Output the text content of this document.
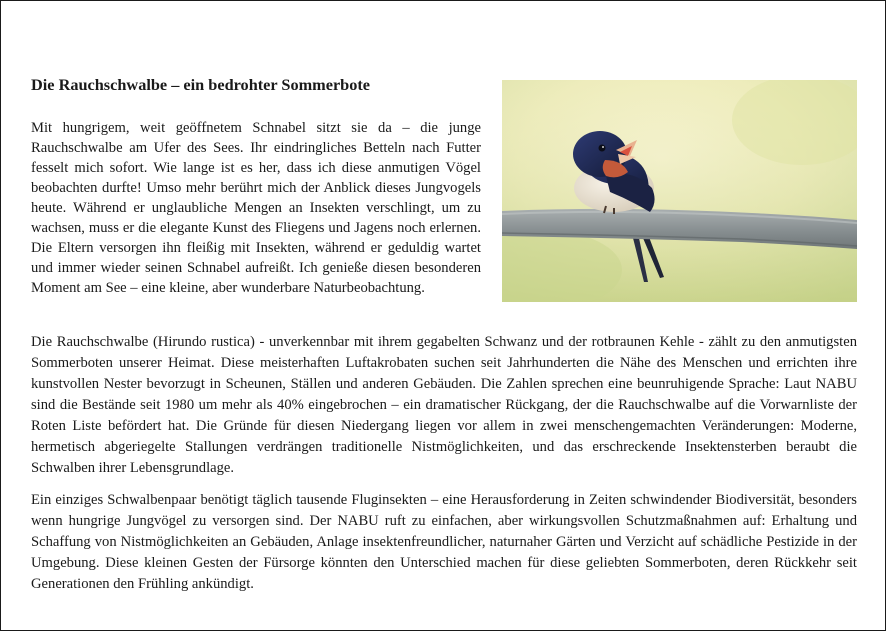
Die Rauchschwalbe – ein bedrohter Sommerbote

Mit hungrigem, weit geöffnetem Schnabel sitzt sie da – die junge Rauchschwalbe am Ufer des Sees. Ihr eindringliches Betteln nach Futter fesselt mich sofort. Wie lange ist es her, dass ich diese anmutigen Vögel beobachten durfte! Umso mehr berührt mich der Anblick dieses Jungvogels heute. Während er unglaubliche Mengen an Insekten verschlingt, um zu wachsen, muss er die elegante Kunst des Fliegens und Jagens noch erlernen. Die Eltern versorgen ihn fleißig mit Insekten, während er geduldig wartet und immer wieder seinen Schnabel aufreißt. Ich genieße diesen besonderen Moment am See – eine kleine, aber wunderbare Naturbeobachtung.

Die Rauchschwalbe (Hirundo rustica) - unverkennbar mit ihrem gegabelten Schwanz und der rotbraunen Kehle - zählt zu den anmutigsten Sommerboten unserer Heimat. Diese meisterhaften Luftakrobaten suchen seit Jahrhunderten die Nähe des Menschen und errichten ihre kunstvollen Nester bevorzugt in Scheunen, Ställen und anderen Gebäuden. Die Zahlen sprechen eine beunruhigende Sprache: Laut NABU sind die Bestände seit 1980 um mehr als 40% eingebrochen – ein dramatischer Rückgang, der die Rauchschwalbe auf die Vorwarnliste der Roten Liste befördert hat. Die Gründe für diesen Niedergang liegen vor allem in zwei menschengemachten Veränderungen: Moderne, hermetisch abgeriegelte Stallungen verdrängen traditionelle Nistmöglichkeiten, und das erschreckende Insektensterben beraubt die Schwalben ihrer Lebensgrundlage.

Ein einziges Schwalbenpaar benötigt täglich tausende Fluginsekten – eine Herausforderung in Zeiten schwindender Biodiversität, besonders wenn hungrige Jungvögel zu versorgen sind. Der NABU ruft zu einfachen, aber wirkungsvollen Schutzmaßnahmen auf: Erhaltung und Schaffung von Nistmöglichkeiten an Gebäuden, Anlage insektenfreundlicher, naturnaher Gärten und Verzicht auf schädliche Pestizide in der Umgebung. Diese kleinen Gesten der Fürsorge könnten den Unterschied machen für diese geliebten Sommerboten, deren Rückkehr seit Generationen den Frühling ankündigt.
